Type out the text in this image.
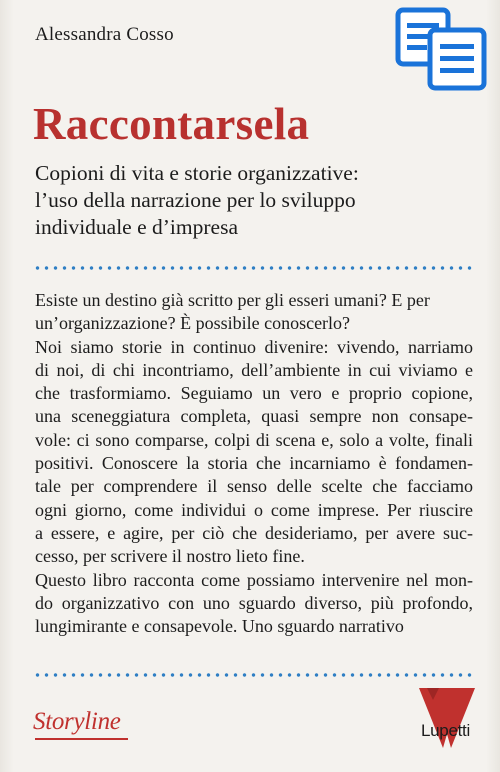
Alessandra Cosso
Raccontarsela
Copioni di vita e storie organizzative:
l’uso della narrazione per lo sviluppo
individuale e d’impresa
Esiste un destino già scritto per gli esseri umani? E per
un’organizzazione? È possibile conoscerlo?
Noi siamo storie in continuo divenire: vivendo, narriamo
di noi, di chi incontriamo, dell’ambiente in cui viviamo e
che trasformiamo. Seguiamo un vero e proprio copione,
una sceneggiatura completa, quasi sempre non consape-
vole: ci sono comparse, colpi di scena e, solo a volte, finali
positivi. Conoscere la storia che incarniamo è fondamen-
tale per comprendere il senso delle scelte che facciamo
ogni giorno, come individui o come imprese. Per riuscire
a essere, e agire, per ciò che desideriamo, per avere suc-
cesso, per scrivere il nostro lieto fine.
Questo libro racconta come possiamo intervenire nel mon-
do organizzativo con uno sguardo diverso, più profondo,
lungimirante e consapevole. Uno sguardo narrativo
Storyline	Lupetti
